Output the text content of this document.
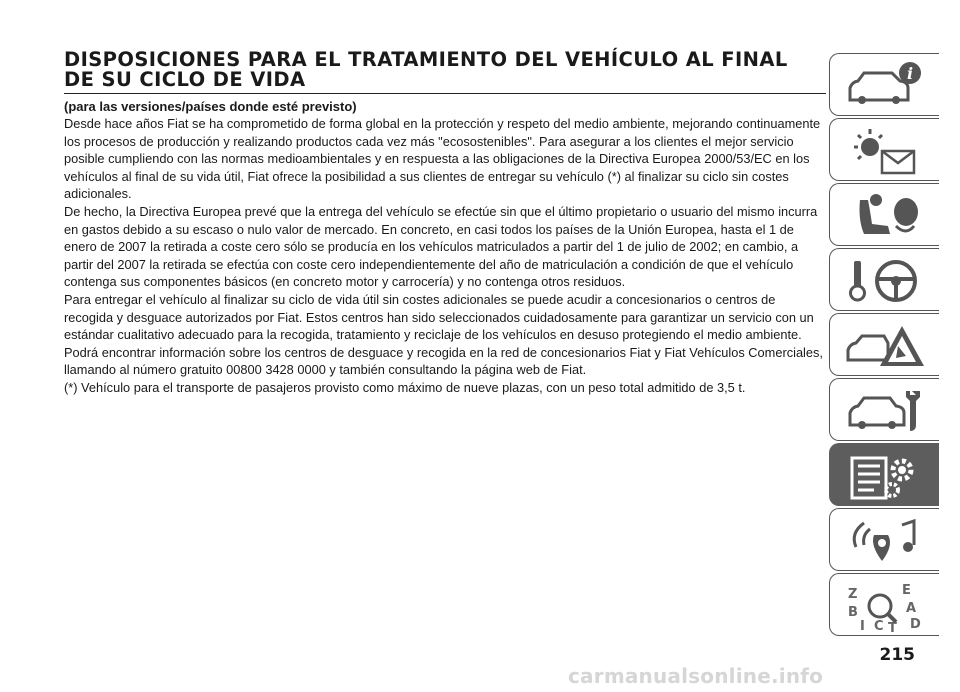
DISPOSICIONES PARA EL TRATAMIENTO DEL VEHÍCULO AL FINAL
DE SU CICLO DE VIDA

(para las versiones/países donde esté previsto)

Desde hace años Fiat se ha comprometido de forma global en la protección y respeto del medio ambiente, mejorando continuamente los procesos de producción y realizando productos cada vez más "ecosostenibles". Para asegurar a los clientes el mejor servicio posible cumpliendo con las normas medioambientales y en respuesta a las obligaciones de la Directiva Europea 2000/53/EC en los vehículos al final de su vida útil, Fiat ofrece la posibilidad a sus clientes de entregar su vehículo (*) al finalizar su ciclo sin costes adicionales.

De hecho, la Directiva Europea prevé que la entrega del vehículo se efectúe sin que el último propietario o usuario del mismo incurra en gastos debido a su escaso o nulo valor de mercado. En concreto, en casi todos los países de la Unión Europea, hasta el 1 de enero de 2007 la retirada a coste cero sólo se producía en los vehículos matriculados a partir del 1 de julio de 2002; en cambio, a partir del 2007 la retirada se efectúa con coste cero independientemente del año de matriculación a condición de que el vehículo contenga sus componentes básicos (en concreto motor y carrocería) y no contenga otros residuos.

Para entregar el vehículo al finalizar su ciclo de vida útil sin costes adicionales se puede acudir a concesionarios o centros de recogida y desguace autorizados por Fiat. Estos centros han sido seleccionados cuidadosamente para garantizar un servicio con un estándar cualitativo adecuado para la recogida, tratamiento y reciclaje de los vehículos en desuso protegiendo el medio ambiente.

Podrá encontrar información sobre los centros de desguace y recogida en la red de concesionarios Fiat y Fiat Vehículos Comerciales, llamando al número gratuito 00800 3428 0000 y también consultando la página web de Fiat.

(*) Vehículo para el transporte de pasajeros provisto como máximo de nueve plazas, con un peso total admitido de 3,5 t.

i
Z	E
B	A
I C T D
215
carmanualsonline.info
